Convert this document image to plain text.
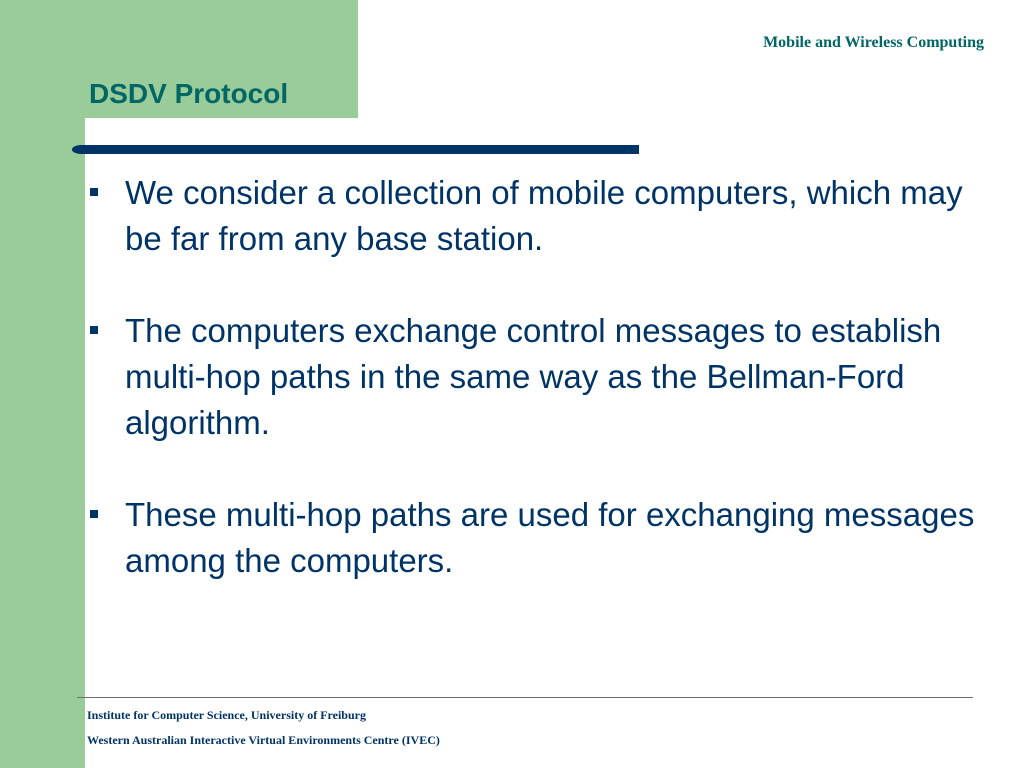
Mobile and Wireless Computing
DSDV Protocol
We consider a collection of mobile computers, which may be far from any base station.
The computers exchange control messages to establish multi-hop paths in the same way as the Bellman-Ford algorithm.
These multi-hop paths are used for exchanging messages among the computers.
Institute for Computer Science, University of Freiburg
Western Australian Interactive Virtual Environments Centre (IVEC)
